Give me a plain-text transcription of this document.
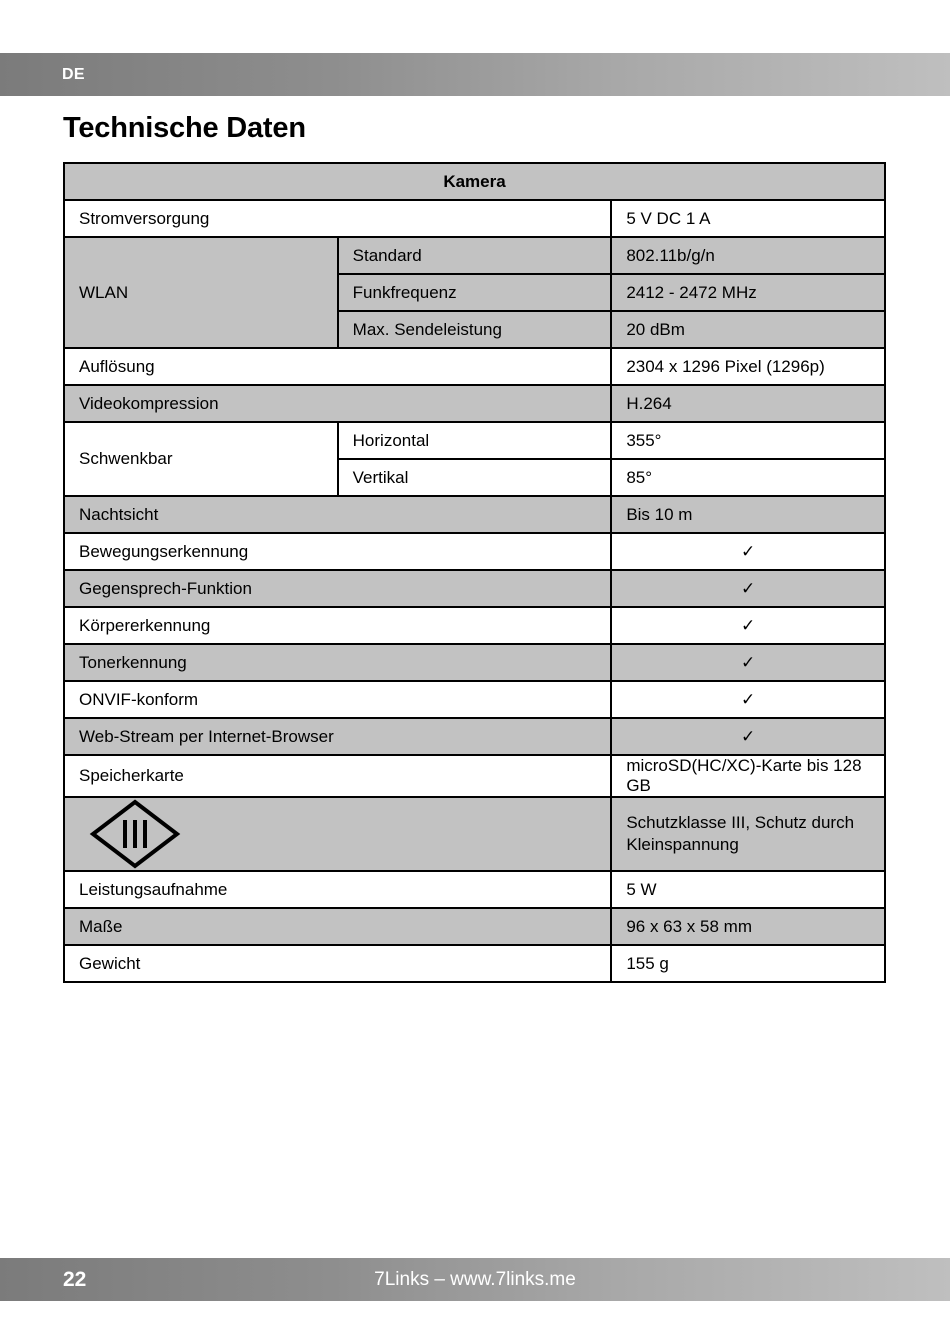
DE
Technische Daten
Kamera		
Stromversorgung		5 V DC 1 A
WLAN	Standard	802.11b/g/n
	Funkfrequenz	2412 - 2472 MHz
	Max. Sendeleistung	20 dBm
Auflösung		2304 x 1296 Pixel (1296p)
Videokompression		H.264
Schwenkbar	Horizontal	355°
	Vertikal	85°
Nachtsicht		Bis 10 m
Bewegungserkennung		✓
Gegensprech-Funktion		✓
Körpererkennung		✓
Tonerkennung		✓
ONVIF-konform		✓
Web-Stream per Internet-Browser		✓
Speicherkarte		microSD(HC/XC)-Karte bis 128 GB

	Schutzklasse III, Schutz durch Kleinspannung
Leistungsaufnahme		5 W
Maße		96 x 63 x 58 mm
Gewicht		155 g
7Links – www.7links.me
22
